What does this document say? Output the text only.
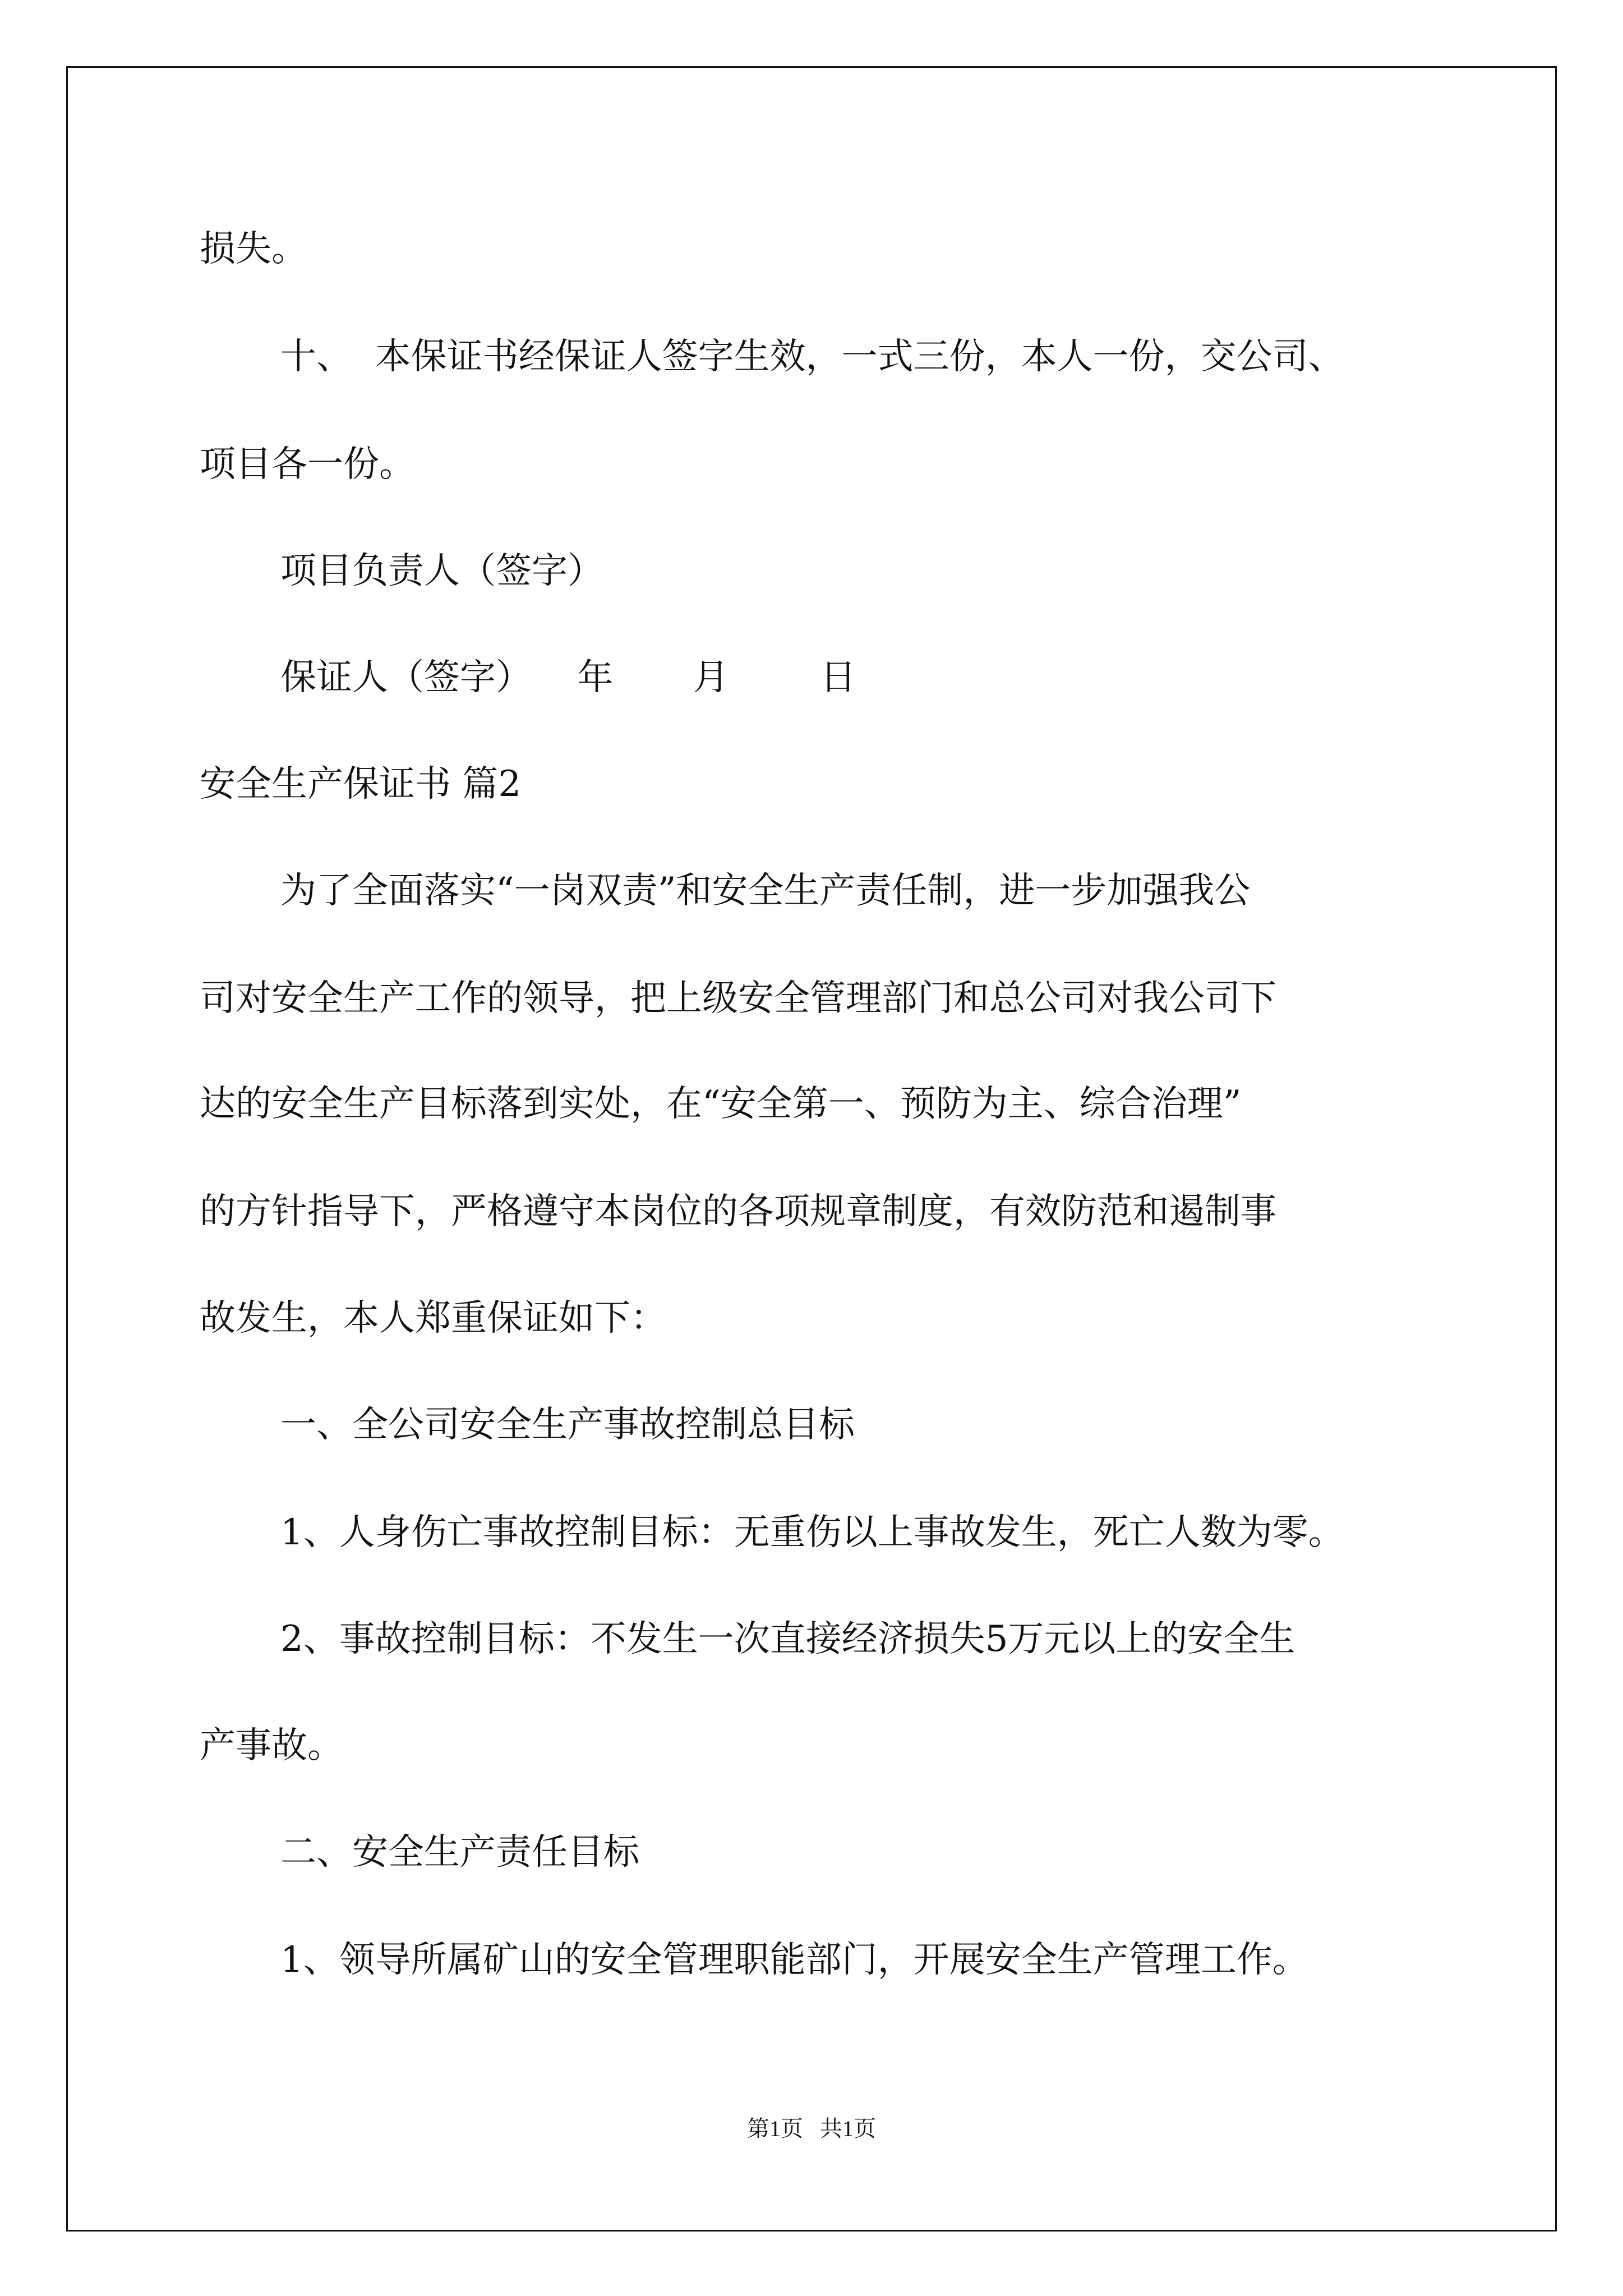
损失。
十、  本保证书经保证人签字生效，一式三份，本人一份，交公司、
项目各一份。
项目负责人（签字）
保证人（签字）    年       月        日
安全生产保证书 篇2
为了全面落实“一岗双责”和安全生产责任制，进一步加强我公
司对安全生产工作的领导，把上级安全管理部门和总公司对我公司下
达的安全生产目标落到实处，在“安全第一、预防为主、综合治理”
的方针指导下，严格遵守本岗位的各项规章制度，有效防范和遏制事
故发生，本人郑重保证如下：
一、全公司安全生产事故控制总目标
1、人身伤亡事故控制目标：无重伤以上事故发生，死亡人数为零。
2、事故控制目标：不发生一次直接经济损失5万元以上的安全生
产事故。
二、安全生产责任目标
1、领导所属矿山的安全管理职能部门，开展安全生产管理工作。
第1页   共1页
